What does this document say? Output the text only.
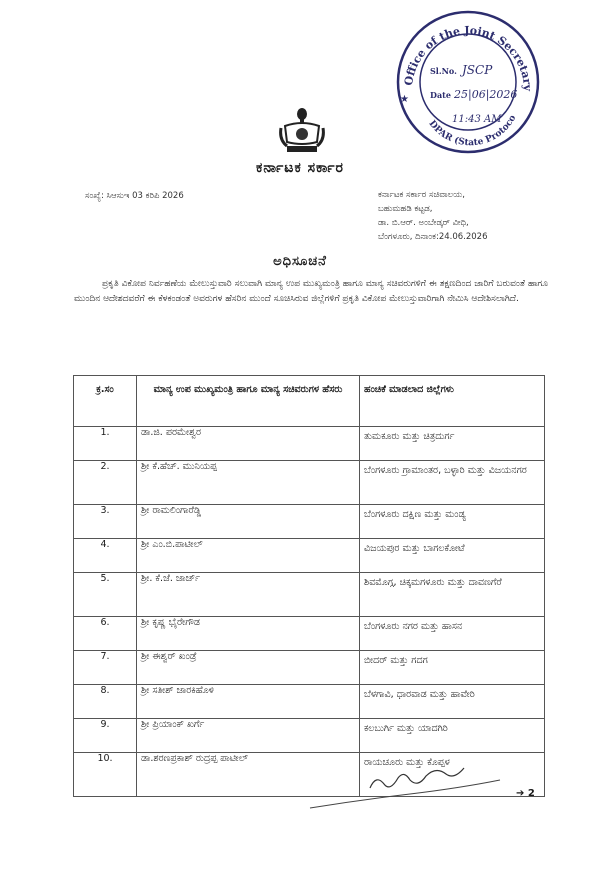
Office of the Joint Secretary
DPAR (State Protoco
★
Sl.No. JSCP
Date 25|06|2026
11:43 AM
ಕರ್ನಾಟಕ ಸರ್ಕಾರ
ಸಂಖ್ಯೆ: ಸಿಆಸುಇ 03 ಕರಿಪಿ 2026	ಕರ್ನಾಟಕ ಸರ್ಕಾರ ಸಚಿವಾಲಯ,
ಬಹುಮಹಡಿ ಕಟ್ಟಡ,
ಡಾ. ಬಿ.ಆರ್. ಅಂಬೇಡ್ಕರ್ ವೀಧಿ,
ಬೆಂಗಳೂರು, ದಿನಾಂಕ:24.06.2026
ಅಧಿಸೂಚನೆ
ಪ್ರಕೃತಿ ವಿಕೋಪ ನಿರ್ವಹಣೆಯ ಮೇಲುಸ್ತುವಾರಿ ಸಲುವಾಗಿ ಮಾನ್ಯ ಉಪ ಮುಖ್ಯಮಂತ್ರಿ ಹಾಗೂ ಮಾನ್ಯ ಸಚಿವರುಗಳಿಗೆ ಈ ತಕ್ಷಣದಿಂದ ಜಾರಿಗೆ ಬರುವಂತೆ ಹಾಗೂ ಮುಂದಿನ ಆದೇಶದವರೆಗೆ ಈ ಕೆಳಕಂಡಂತೆ ಅವರುಗಳ ಹೆಸರಿನ ಮುಂದೆ ಸೂಚಿಸಿರುವ ಜಿಲ್ಲೆಗಳಿಗೆ ಪ್ರಕೃತಿ ವಿಕೋಪ ಮೇಲುಸ್ತುವಾರಿಗಾಗಿ ನೇಮಿಸಿ ಆದೇಶಿಸಲಾಗಿದೆ.
ಕ್ರ.ಸಂ	ಮಾನ್ಯ ಉಪ ಮುಖ್ಯಮಂತ್ರಿ ಹಾಗೂ ಮಾನ್ಯ ಸಚಿವರುಗಳ ಹೆಸರು	ಹಂಚಿಕೆ ಮಾಡಲಾದ ಜಿಲ್ಲೆಗಳು
1.	ಡಾ.ಜಿ. ಪರಮೇಶ್ವರ	ತುಮಕೂರು ಮತ್ತು ಚಿತ್ರದುರ್ಗ
2.	ಶ್ರೀ ಕೆ.ಹೆಚ್. ಮುನಿಯಪ್ಪ	ಬೆಂಗಳೂರು ಗ್ರಾಮಾಂತರ, ಬಳ್ಳಾರಿ ಮತ್ತು ವಿಜಯನಗರ
3.	ಶ್ರೀ ರಾಮಲಿಂಗಾರೆಡ್ಡಿ	ಬೆಂಗಳೂರು ದಕ್ಷಿಣ ಮತ್ತು ಮಂಡ್ಯ
4.	ಶ್ರೀ ಎಂ.ಬಿ.ಪಾಟೀಲ್	ವಿಜಯಪುರ ಮತ್ತು ಬಾಗಲಕೋಟೆ
5.	ಶ್ರೀ. ಕೆ.ಜೆ. ಜಾರ್ಜ್	ಶಿವಮೊಗ್ಗ, ಚಿಕ್ಕಮಗಳೂರು ಮತ್ತು ದಾವಣಗೆರೆ
6.	ಶ್ರೀ ಕೃಷ್ಣ ಭೈರೇಗೌಡ	ಬೆಂಗಳೂರು ನಗರ ಮತ್ತು ಹಾಸನ
7.	ಶ್ರೀ ಈಶ್ವರ್ ಖಂಡ್ರೆ	ಬೀದರ್ ಮತ್ತು ಗದಗ
8.	ಶ್ರೀ ಸತೀಶ್ ಜಾರಕಿಹೊಳಿ	ಬೆಳಗಾವಿ, ಧಾರವಾಡ ಮತ್ತು ಹಾವೇರಿ
9.	ಶ್ರೀ ಪ್ರಿಯಾಂಕ್ ಖರ್ಗೆ	ಕಲಬುರ್ಗಿ ಮತ್ತು ಯಾದಗಿರಿ
10.	ಡಾ.ಶರಣಪ್ರಕಾಶ್ ರುದ್ರಪ್ಪ ಪಾಟೀಲ್	ರಾಯಚೂರು ಮತ್ತು ಕೊಪ್ಪಳ
➔ 2
